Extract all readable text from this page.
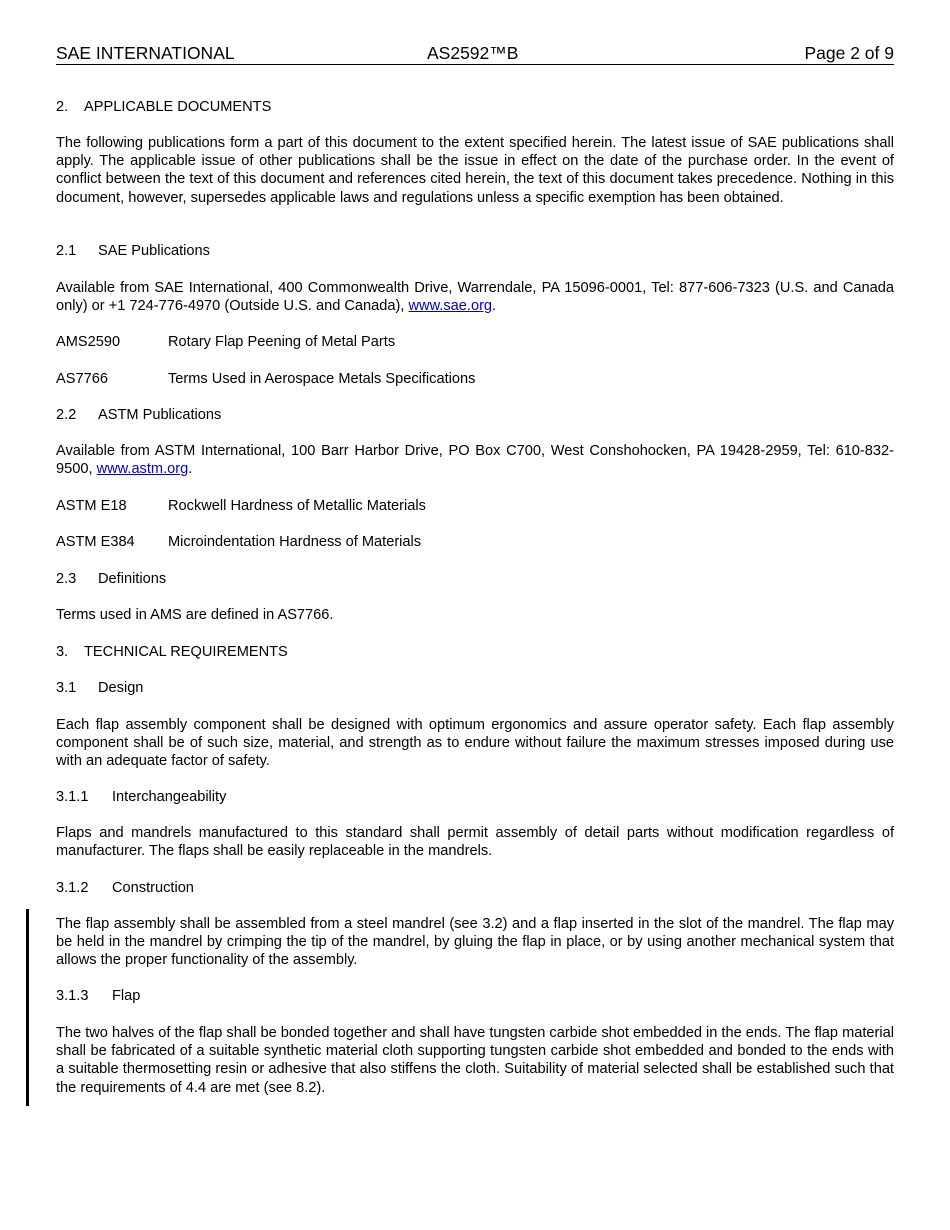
SAE INTERNATIONAL	AS2592™B	Page 2 of 9
2. APPLICABLE DOCUMENTS

The following publications form a part of this document to the extent specified herein. The latest issue of SAE publications shall apply. The applicable issue of other publications shall be the issue in effect on the date of the purchase order. In the event of conflict between the text of this document and references cited herein, the text of this document takes precedence. Nothing in this document, however, supersedes applicable laws and regulations unless a specific exemption has been obtained.

2.1 SAE Publications

Available from SAE International, 400 Commonwealth Drive, Warrendale, PA 15096-0001, Tel: 877-606-7323 (U.S. and Canada only) or +1 724-776-4970 (Outside U.S. and Canada), www.sae.org.

AMS2590	Rotary Flap Peening of Metal Parts
AS7766	Terms Used in Aerospace Metals Specifications
2.2 ASTM Publications

Available from ASTM International, 100 Barr Harbor Drive, PO Box C700, West Conshohocken, PA 19428-2959, Tel: 610-832-9500, www.astm.org.

ASTM E18	Rockwell Hardness of Metallic Materials
ASTM E384	Microindentation Hardness of Materials
2.3 Definitions

Terms used in AMS are defined in AS7766.

3. TECHNICAL REQUIREMENTS
3.1 Design

Each flap assembly component shall be designed with optimum ergonomics and assure operator safety. Each flap assembly component shall be of such size, material, and strength as to endure without failure the maximum stresses imposed during use with an adequate factor of safety.

3.1.1 Interchangeability

Flaps and mandrels manufactured to this standard shall permit assembly of detail parts without modification regardless of manufacturer. The flaps shall be easily replaceable in the mandrels.

3.1.2 Construction

The flap assembly shall be assembled from a steel mandrel (see 3.2) and a flap inserted in the slot of the mandrel. The flap may be held in the mandrel by crimping the tip of the mandrel, by gluing the flap in place, or by using another mechanical system that allows the proper functionality of the assembly.

3.1.3 Flap

The two halves of the flap shall be bonded together and shall have tungsten carbide shot embedded in the ends. The flap material shall be fabricated of a suitable synthetic material cloth supporting tungsten carbide shot embedded and bonded to the ends with a suitable thermosetting resin or adhesive that also stiffens the cloth. Suitability of material selected shall be established such that the requirements of 4.4 are met (see 8.2).
